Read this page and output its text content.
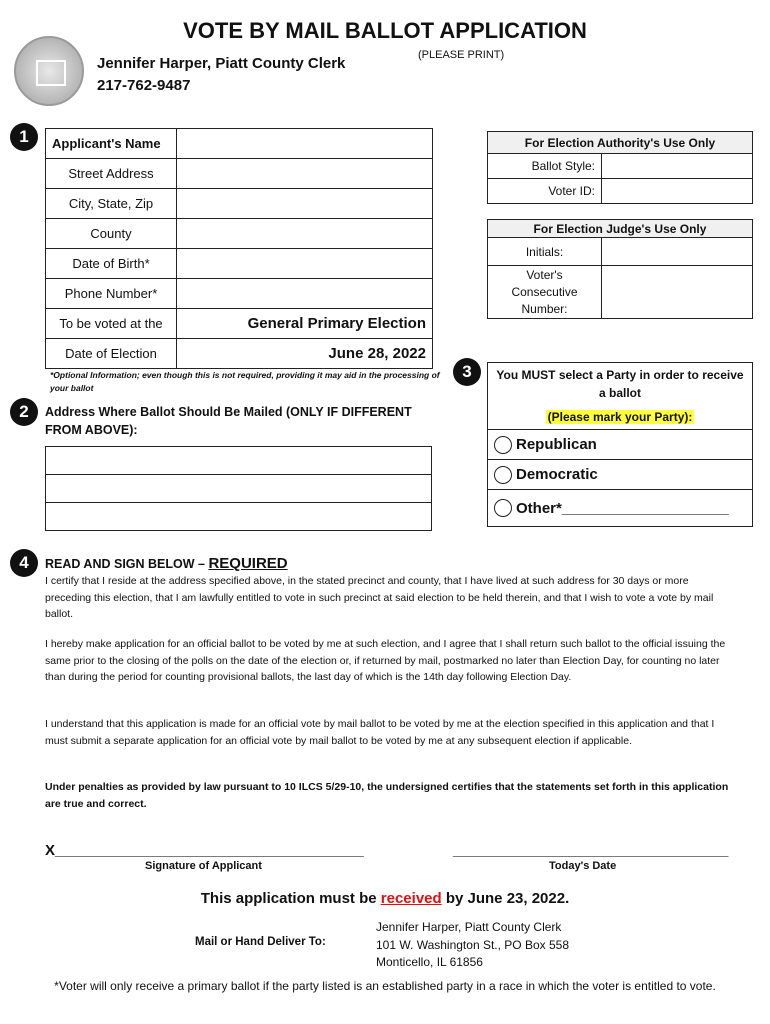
VOTE BY MAIL BALLOT APPLICATION
Jennifer Harper, Piatt County Clerk
217-762-9487
(PLEASE PRINT)
1	Applicant's Name	
Street Address	
City, State, Zip	
County	
Date of Birth*	
Phone Number*	
To be voted at the	General Primary Election
Date of Election	June 28, 2022
*Optional Information; even though this is not required, providing it may aid in the processing of your ballot
For Election Authority's Use Only	
Ballot Style:	
Voter ID:	
For Election Judge's Use Only	
Initials:	
Voter's Consecutive Number:	
2	Address Where Ballot Should Be Mailed (ONLY IF DIFFERENT FROM ABOVE):

3	You MUST select a Party in order to receive a ballot
(Please mark your Party):
Republican
Democratic
Other*____________________
4	READ AND SIGN BELOW – REQUIRED
I certify that I reside at the address specified above, in the stated precinct and county, that I have lived at such address for 30 days or more preceding this election, that I am lawfully entitled to vote in such precinct at said election to be held therein, and that I wish to vote a vote by mail ballot.
I hereby make application for an official ballot to be voted by me at such election, and I agree that I shall return such ballot to the official issuing the same prior to the closing of the polls on the date of the election or, if returned by mail, postmarked no later than Election Day, for counting no later than during the period for counting provisional ballots, the last day of which is the 14th day following Election Day.
I understand that this application is made for an official vote by mail ballot to be voted by me at the election specified in this application and that I must submit a separate application for an official vote by mail ballot to be voted by me at any subsequent election if applicable.
Under penalties as provided by law pursuant to 10 ILCS 5/29-10, the undersigned certifies that the statements set forth in this application are true and correct.
X_____________________________________
Signature of Applicant
_________________________________
Today's Date
This application must be received by June 23, 2022.
Mail or Hand Deliver To:
Jennifer Harper, Piatt County Clerk
101 W. Washington St., PO Box 558
Monticello, IL 61856
*Voter will only receive a primary ballot if the party listed is an established party in a race in which the voter is entitled to vote.
